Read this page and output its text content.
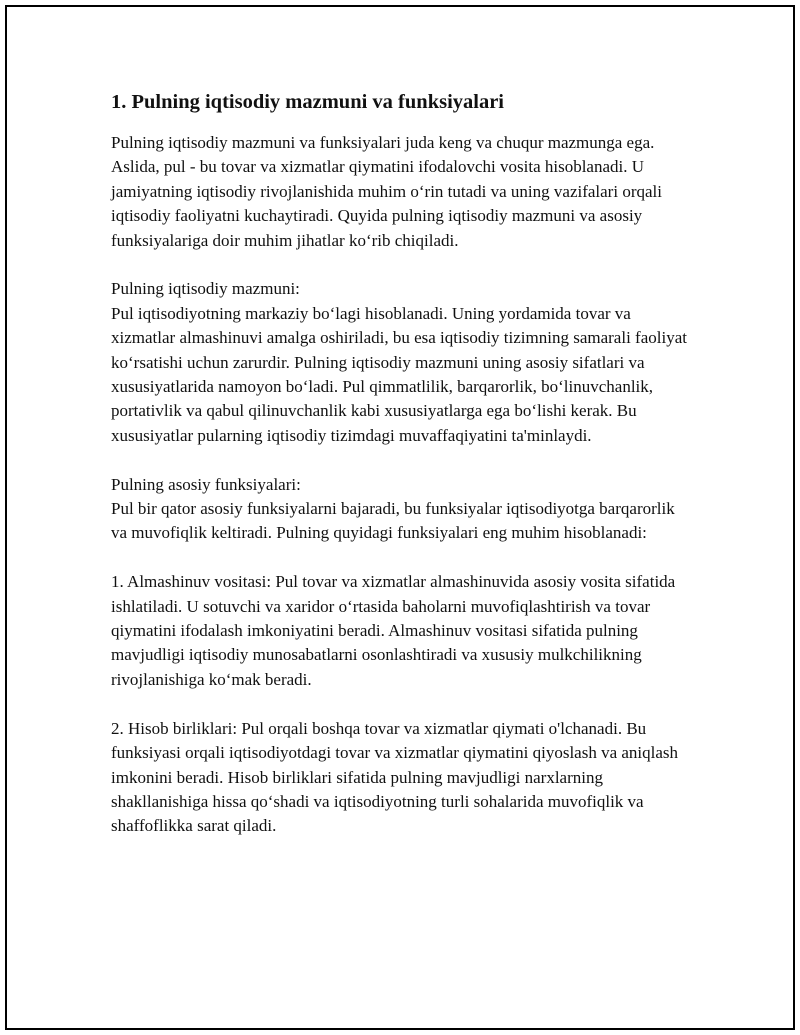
1. Pulning iqtisodiy mazmuni va funksiyalari

Pulning iqtisodiy mazmuni va funksiyalari juda keng va chuqur mazmunga ega. Aslida, pul - bu tovar va xizmatlar qiymatini ifodalovchi vosita hisoblanadi. U jamiyatning iqtisodiy rivojlanishida muhim o‘rin tutadi va uning vazifalari orqali iqtisodiy faoliyatni kuchaytiradi. Quyida pulning iqtisodiy mazmuni va asosiy funksiyalariga doir muhim jihatlar ko‘rib chiqiladi.

Pulning iqtisodiy mazmuni:

Pul iqtisodiyotning markaziy bo‘lagi hisoblanadi. Uning yordamida tovar va xizmatlar almashinuvi amalga oshiriladi, bu esa iqtisodiy tizimning samarali faoliyat ko‘rsatishi uchun zarurdir. Pulning iqtisodiy mazmuni uning asosiy sifatlari va xususiyatlarida namoyon bo‘ladi. Pul qimmatlilik, barqarorlik, bo‘linuvchanlik, portativlik va qabul qilinuvchanlik kabi xususiyatlarga ega bo‘lishi kerak. Bu xususiyatlar pularning iqtisodiy tizimdagi muvaffaqiyatini ta'minlaydi.

Pulning asosiy funksiyalari:

Pul bir qator asosiy funksiyalarni bajaradi, bu funksiyalar iqtisodiyotga barqarorlik va muvofiqlik keltiradi. Pulning quyidagi funksiyalari eng muhim hisoblanadi:

1. Almashinuv vositasi: Pul tovar va xizmatlar almashinuvida asosiy vosita sifatida ishlatiladi. U sotuvchi va xaridor o‘rtasida baholarni muvofiqlashtirish va tovar qiymatini ifodalash imkoniyatini beradi. Almashinuv vositasi sifatida pulning mavjudligi iqtisodiy munosabatlarni osonlashtiradi va xususiy mulkchilikning rivojlanishiga ko‘mak beradi.

2. Hisob birliklari: Pul orqali boshqa tovar va xizmatlar qiymati o'lchanadi. Bu funksiyasi orqali iqtisodiyotdagi tovar va xizmatlar qiymatini qiyoslash va aniqlash imkonini beradi. Hisob birliklari sifatida pulning mavjudligi narxlarning shakllanishiga hissa qo‘shadi va iqtisodiyotning turli sohalarida muvofiqlik va shaffoflikka sarat qiladi.
